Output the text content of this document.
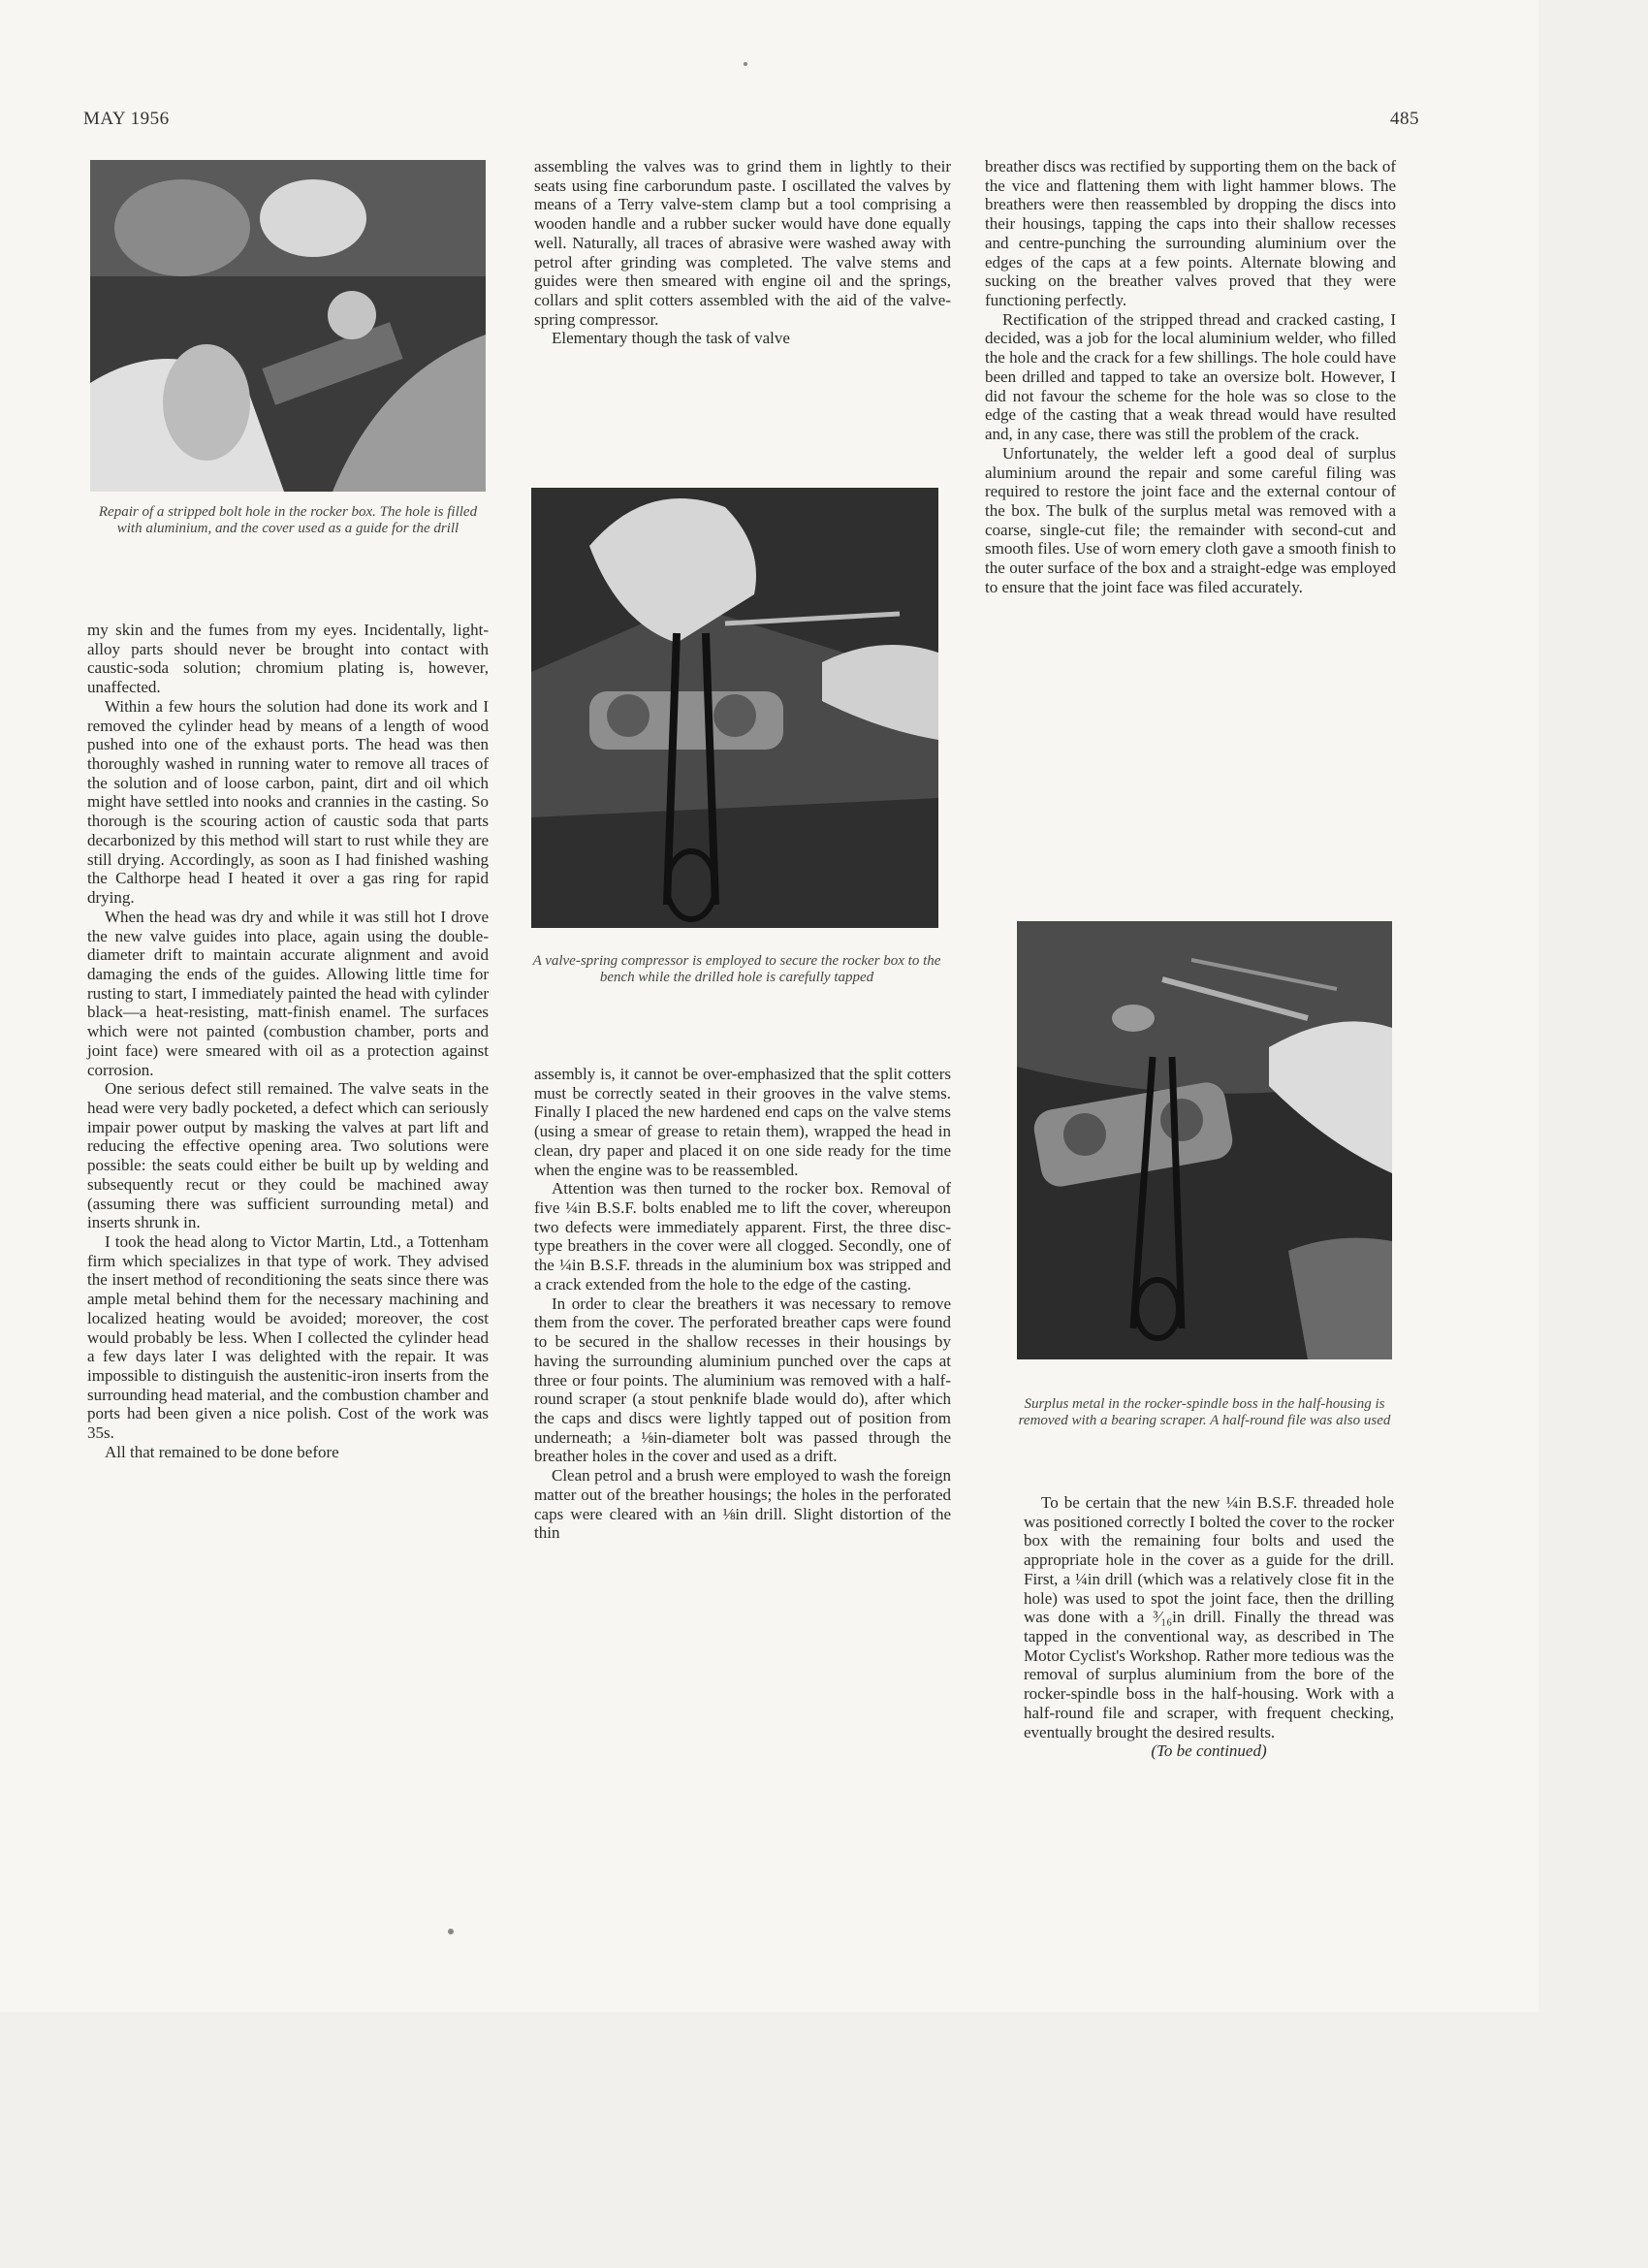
MAY 1956	485
Repair of a stripped bolt hole in the rocker box. The hole is filled with aluminium, and the cover used as a guide for the drill

my skin and the fumes from my eyes. Incidentally, light-alloy parts should never be brought into contact with caustic-soda solution; chromium plating is, however, unaffected.

Within a few hours the solution had done its work and I removed the cylinder head by means of a length of wood pushed into one of the exhaust ports. The head was then thoroughly washed in running water to remove all traces of the solution and of loose carbon, paint, dirt and oil which might have settled into nooks and crannies in the casting. So thorough is the scouring action of caustic soda that parts decarbonized by this method will start to rust while they are still drying. Accordingly, as soon as I had finished washing the Calthorpe head I heated it over a gas ring for rapid drying.

When the head was dry and while it was still hot I drove the new valve guides into place, again using the double-diameter drift to maintain accurate alignment and avoid damaging the ends of the guides. Allowing little time for rusting to start, I immediately painted the head with cylinder black—a heat-resisting, matt-finish enamel. The surfaces which were not painted (combustion chamber, ports and joint face) were smeared with oil as a protection against corrosion.

One serious defect still remained. The valve seats in the head were very badly pocketed, a defect which can seriously impair power output by masking the valves at part lift and reducing the effective opening area. Two solutions were possible: the seats could either be built up by welding and subsequently recut or they could be machined away (assuming there was sufficient surrounding metal) and inserts shrunk in.

I took the head along to Victor Martin, Ltd., a Tottenham firm which specializes in that type of work. They advised the insert method of reconditioning the seats since there was ample metal behind them for the necessary machining and localized heating would be avoided; moreover, the cost would probably be less. When I collected the cylinder head a few days later I was delighted with the repair. It was impossible to distinguish the austenitic-iron inserts from the surrounding head material, and the combustion chamber and ports had been given a nice polish. Cost of the work was 35s.

All that remained to be done before

assembling the valves was to grind them in lightly to their seats using fine carborundum paste. I oscillated the valves by means of a Terry valve-stem clamp but a tool comprising a wooden handle and a rubber sucker would have done equally well. Naturally, all traces of abrasive were washed away with petrol after grinding was completed. The valve stems and guides were then smeared with engine oil and the springs, collars and split cotters assembled with the aid of the valve-spring compressor.

Elementary though the task of valve

A valve-spring compressor is employed to secure the rocker box to the bench while the drilled hole is carefully tapped

assembly is, it cannot be over-emphasized that the split cotters must be correctly seated in their grooves in the valve stems. Finally I placed the new hardened end caps on the valve stems (using a smear of grease to retain them), wrapped the head in clean, dry paper and placed it on one side ready for the time when the engine was to be reassembled.

Attention was then turned to the rocker box. Removal of five ¼in B.S.F. bolts enabled me to lift the cover, whereupon two defects were immediately apparent. First, the three disc-type breathers in the cover were all clogged. Secondly, one of the ¼in B.S.F. threads in the aluminium box was stripped and a crack extended from the hole to the edge of the casting.

In order to clear the breathers it was necessary to remove them from the cover. The perforated breather caps were found to be secured in the shallow recesses in their housings by having the surrounding aluminium punched over the caps at three or four points. The aluminium was removed with a half-round scraper (a stout penknife blade would do), after which the caps and discs were lightly tapped out of position from underneath; a ⅛in-diameter bolt was passed through the breather holes in the cover and used as a drift.

Clean petrol and a brush were employed to wash the foreign matter out of the breather housings; the holes in the perforated caps were cleared with an ⅛in drill. Slight distortion of the thin

breather discs was rectified by supporting them on the back of the vice and flattening them with light hammer blows. The breathers were then reassembled by dropping the discs into their housings, tapping the caps into their shallow recesses and centre-punching the surrounding aluminium over the edges of the caps at a few points. Alternate blowing and sucking on the breather valves proved that they were functioning perfectly.

Rectification of the stripped thread and cracked casting, I decided, was a job for the local aluminium welder, who filled the hole and the crack for a few shillings. The hole could have been drilled and tapped to take an oversize bolt. However, I did not favour the scheme for the hole was so close to the edge of the casting that a weak thread would have resulted and, in any case, there was still the problem of the crack.

Unfortunately, the welder left a good deal of surplus aluminium around the repair and some careful filing was required to restore the joint face and the external contour of the box. The bulk of the surplus metal was removed with a coarse, single-cut file; the remainder with second-cut and smooth files. Use of worn emery cloth gave a smooth finish to the outer surface of the box and a straight-edge was employed to ensure that the joint face was filed accurately.

Surplus metal in the rocker-spindle boss in the half-housing is removed with a bearing scraper. A half-round file was also used

To be certain that the new ¼in B.S.F. threaded hole was positioned correctly I bolted the cover to the rocker box with the remaining four bolts and used the appropriate hole in the cover as a guide for the drill. First, a ¼in drill (which was a relatively close fit in the hole) was used to spot the joint face, then the drilling was done with a ³⁄₁₆in drill. Finally the thread was tapped in the conventional way, as described in The Motor Cyclist's Workshop. Rather more tedious was the removal of surplus aluminium from the bore of the rocker-spindle boss in the half-housing. Work with a half-round file and scraper, with frequent checking, eventually brought the desired results.

(To be continued)
